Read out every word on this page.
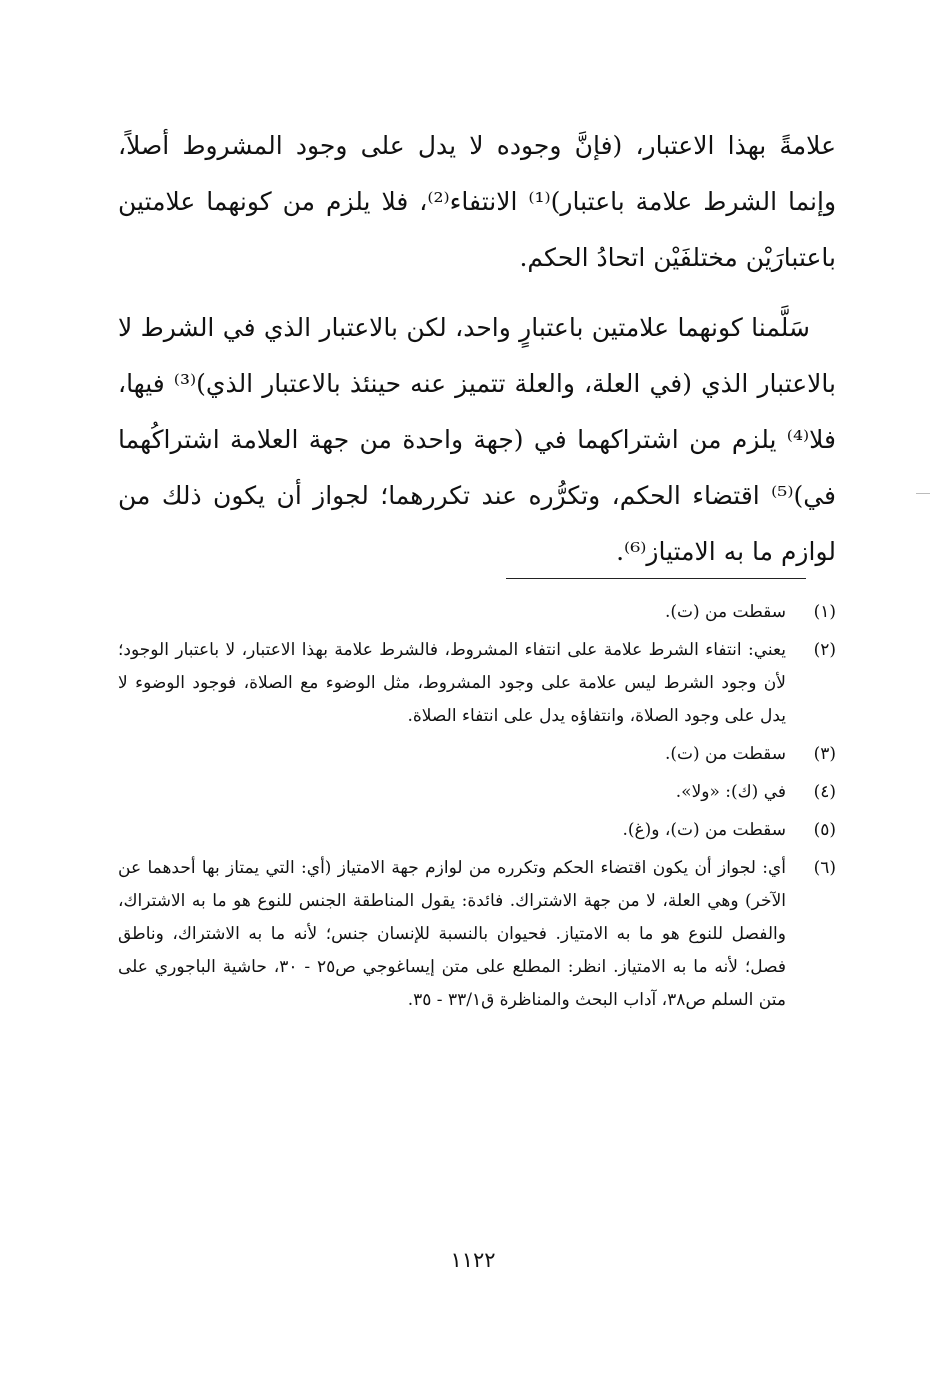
علامةً بهذا الاعتبار، (فإنَّ وجوده لا يدل على وجود المشروط أصلاً، وإنما الشرط علامة باعتبار)⁽¹⁾ الانتفاء⁽²⁾، فلا يلزم من كونهما علامتين باعتبارَيْن مختلفَيْن اتحادُ الحكم.

سَلَّمنا كونهما علامتين باعتبارٍ واحد، لكن بالاعتبار الذي في الشرط لا بالاعتبار الذي (في العلة، والعلة تتميز عنه حينئذ بالاعتبار الذي)⁽³⁾ فيها، فلا⁽⁴⁾ يلزم من اشتراكهما في (جهة واحدة من جهة العلامة اشتراكُهما في)⁽⁵⁾ اقتضاء الحكم، وتكرُّره عند تكررهما؛ لجواز أن يكون ذلك من لوازم ما به الامتياز⁽⁶⁾.

(١)
سقطت من (ت).
(٢)
يعني: انتفاء الشرط علامة على انتفاء المشروط، فالشرط علامة بهذا الاعتبار، لا باعتبار الوجود؛ لأن وجود الشرط ليس علامة على وجود المشروط، مثل الوضوء مع الصلاة، فوجود الوضوء لا يدل على وجود الصلاة، وانتفاؤه يدل على انتفاء الصلاة.
(٣)
سقطت من (ت).
(٤)
في (ك): «ولا».
(٥)
سقطت من (ت)، و(غ).
(٦)
أي: لجواز أن يكون اقتضاء الحكم وتكرره من لوازم جهة الامتياز (أي: التي يمتاز بها أحدهما عن الآخر) وهي العلة، لا من جهة الاشتراك. فائدة: يقول المناطقة الجنس للنوع هو ما به الاشتراك، والفصل للنوع هو ما به الامتياز. فحيوان بالنسبة للإنسان جنس؛ لأنه ما به الاشتراك، وناطق فصل؛ لأنه ما به الامتياز. انظر: المطلع على متن إيساغوجي ص٢٥ - ٣٠، حاشية الباجوري على متن السلم ص٣٨، آداب البحث والمناظرة ق٣٣/١ - ٣٥.
١١٢٢
